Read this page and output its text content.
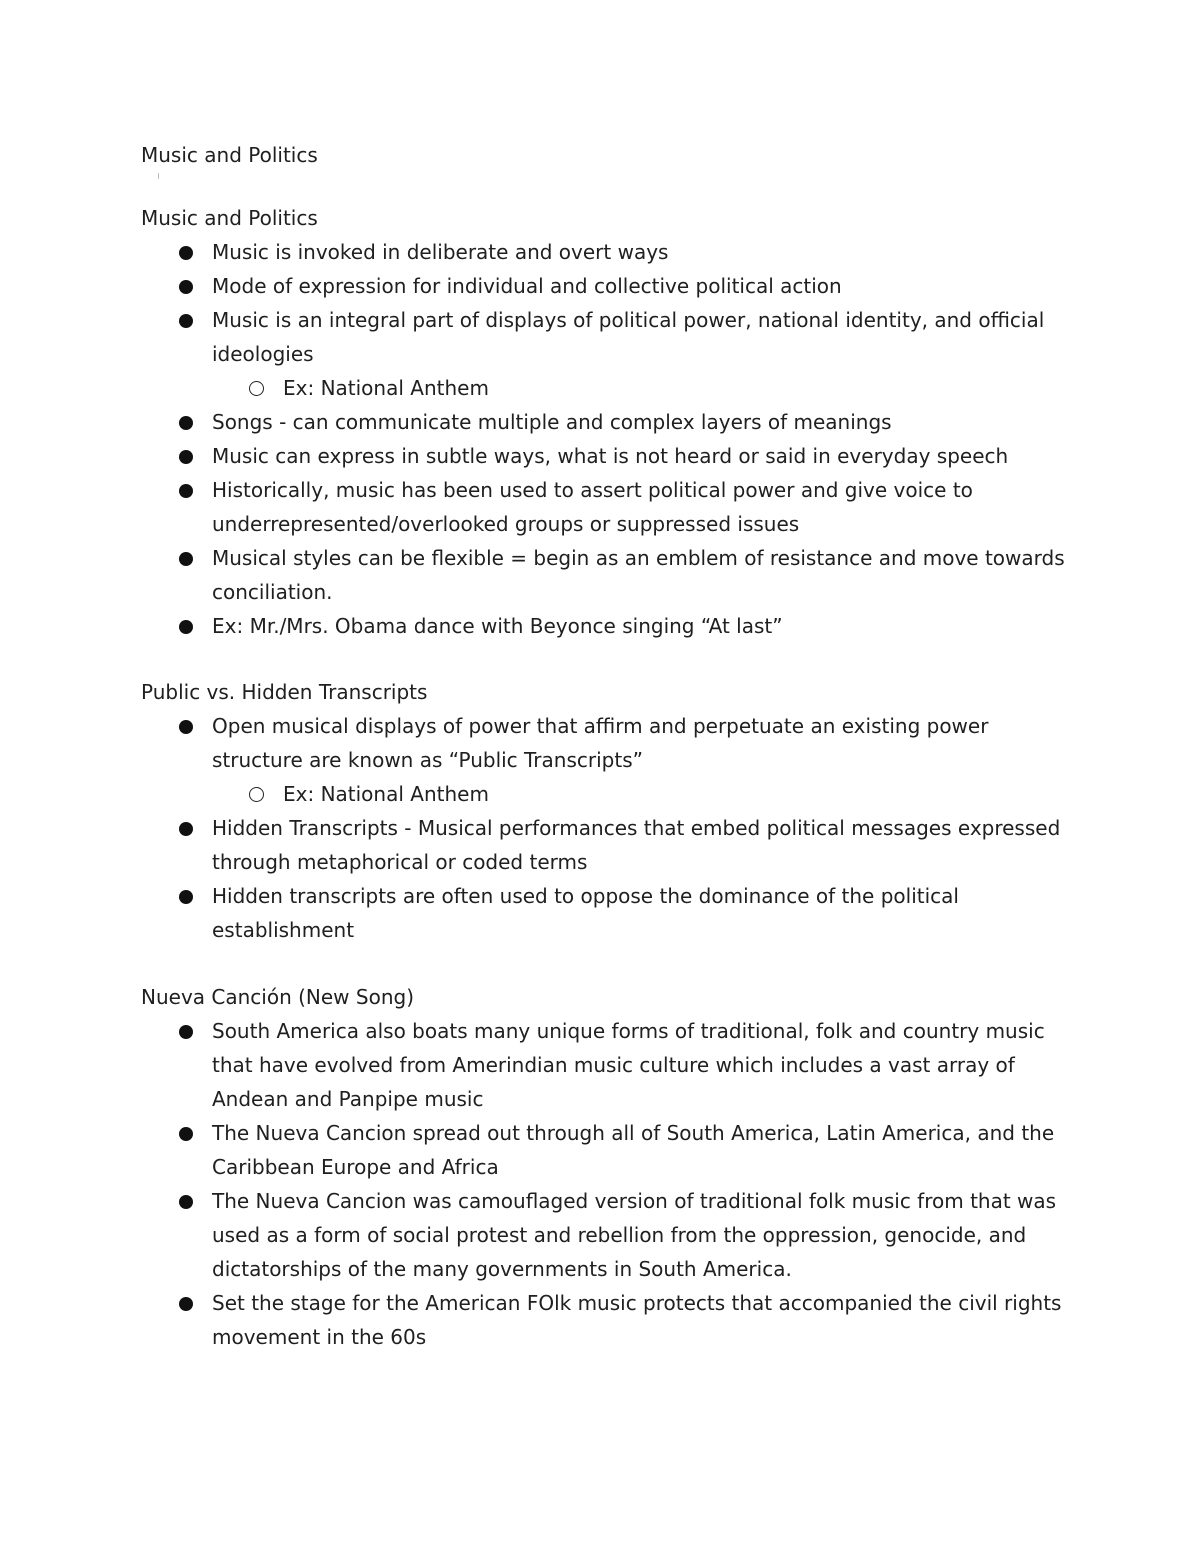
Music and Politics
Music and Politics
Music is invoked in deliberate and overt ways
Mode of expression for individual and collective political action
Music is an integral part of displays of political power, national identity, and official ideologies
Ex: National Anthem
Songs - can communicate multiple and complex layers of meanings
Music can express in subtle ways, what is not heard or said in everyday speech
Historically, music has been used to assert political power and give voice to underrepresented/overlooked groups or suppressed issues
Musical styles can be flexible = begin as an emblem of resistance and move towards conciliation.
Ex: Mr./Mrs. Obama dance with Beyonce singing “At last”
Public vs. Hidden Transcripts
Open musical displays of power that affirm and perpetuate an existing power structure are known as “Public Transcripts”
Ex: National Anthem
Hidden Transcripts - Musical performances that embed political messages expressed through metaphorical or coded terms
Hidden transcripts are often used to oppose the dominance of the political establishment
Nueva Canción (New Song)
South America also boats many unique forms of traditional, folk and country music that have evolved from Amerindian music culture which includes a vast array of Andean and Panpipe music
The Nueva Cancion spread out through all of South America, Latin America, and the Caribbean Europe and Africa
The Nueva Cancion was camouflaged version of traditional folk music from that was used as a form of social protest and rebellion from the oppression, genocide, and dictatorships of the many governments in South America.
Set the stage for the American FOlk music protects that accompanied the civil rights movement in the 60s
